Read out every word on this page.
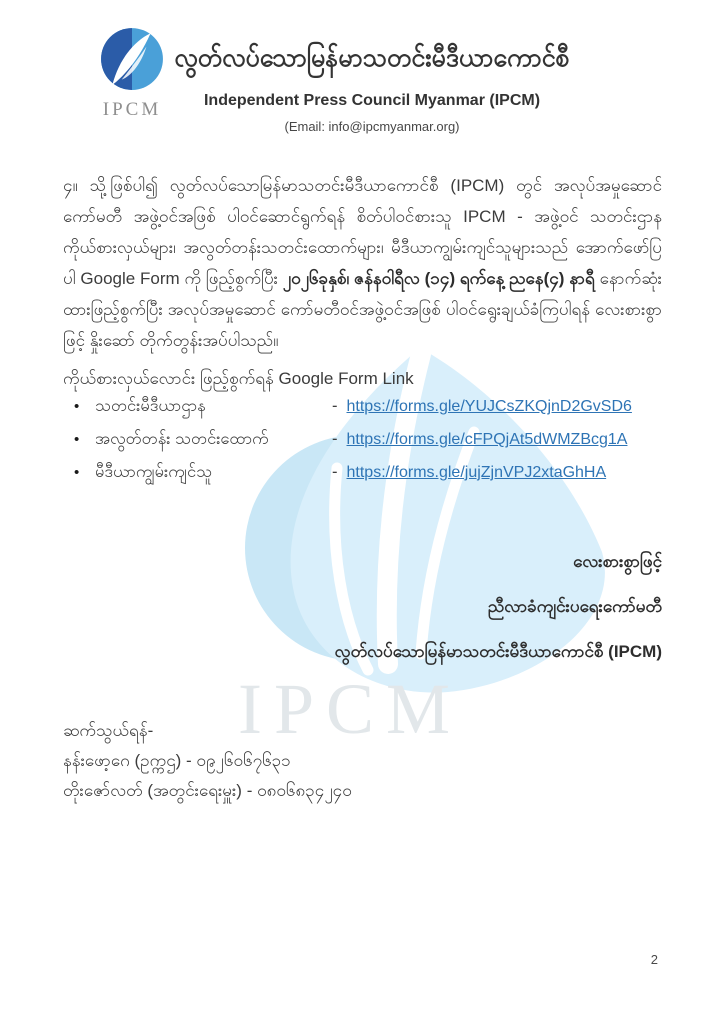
IPCM
IPCM
လွတ်လပ်သောမြန်မာသတင်းမီဒီယာကောင်စီ
Independent Press Council Myanmar (IPCM)
(Email: info@ipcmyanmar.org)

၄။ သို့ဖြစ်ပါ၍ လွတ်လပ်သောမြန်မာသတင်းမီဒီယာကောင်စီ (IPCM) တွင် အလုပ်အမှုဆောင်ကော်မတီ အဖွဲ့ဝင်အဖြစ် ပါဝင်ဆောင်ရွက်ရန် စိတ်ပါဝင်စားသူ IPCM - အဖွဲ့ဝင် သတင်းဌာနကိုယ်စားလှယ်များ၊ အလွတ်တန်းသတင်းထောက်များ၊ မီဒီယာကျွမ်းကျင်သူများသည် အောက်ဖော်ပြပါ Google Form ကို ဖြည့်စွက်ပြီး ၂၀၂၆ခုနှစ်၊ ဇန်နဝါရီလ (၁၄) ရက်နေ့ ညနေ(၄) နာရီ နောက်ဆုံးထားဖြည့်စွက်ပြီး အလုပ်အမှုဆောင် ကော်မတီဝင်အဖွဲ့ဝင်အဖြစ် ပါဝင်ရွေးချယ်ခံကြပါရန် လေးစားစွာဖြင့် နှိုးဆော် တိုက်တွန်းအပ်ပါသည်။

ကိုယ်စားလှယ်လောင်း ဖြည့်စွက်ရန် Google Form Link
• သတင်းမီဒီယာဌာန	- https://forms.gle/YUJCsZKQjnD2GvSD6
• အလွတ်တန်း သတင်းထောက်	- https://forms.gle/cFPQjAt5dWMZBcg1A
• မီဒီယာကျွမ်းကျင်သူ	- https://forms.gle/jujZjnVPJ2xtaGhHA
လေးစားစွာဖြင့်
ညီလာခံကျင်းပရေးကော်မတီ
လွတ်လပ်သောမြန်မာသတင်းမီဒီယာကောင်စီ (IPCM)
ဆက်သွယ်ရန်-
နန်းဖော့ဂေ (ဥက္ကဌ) - ၀၉၂၆၀၆၇၆၃၁
တိုးဇော်လတ် (အတွင်းရေးမှူး) - ၀၈၀၆၈၃၄၂၄၀
2
